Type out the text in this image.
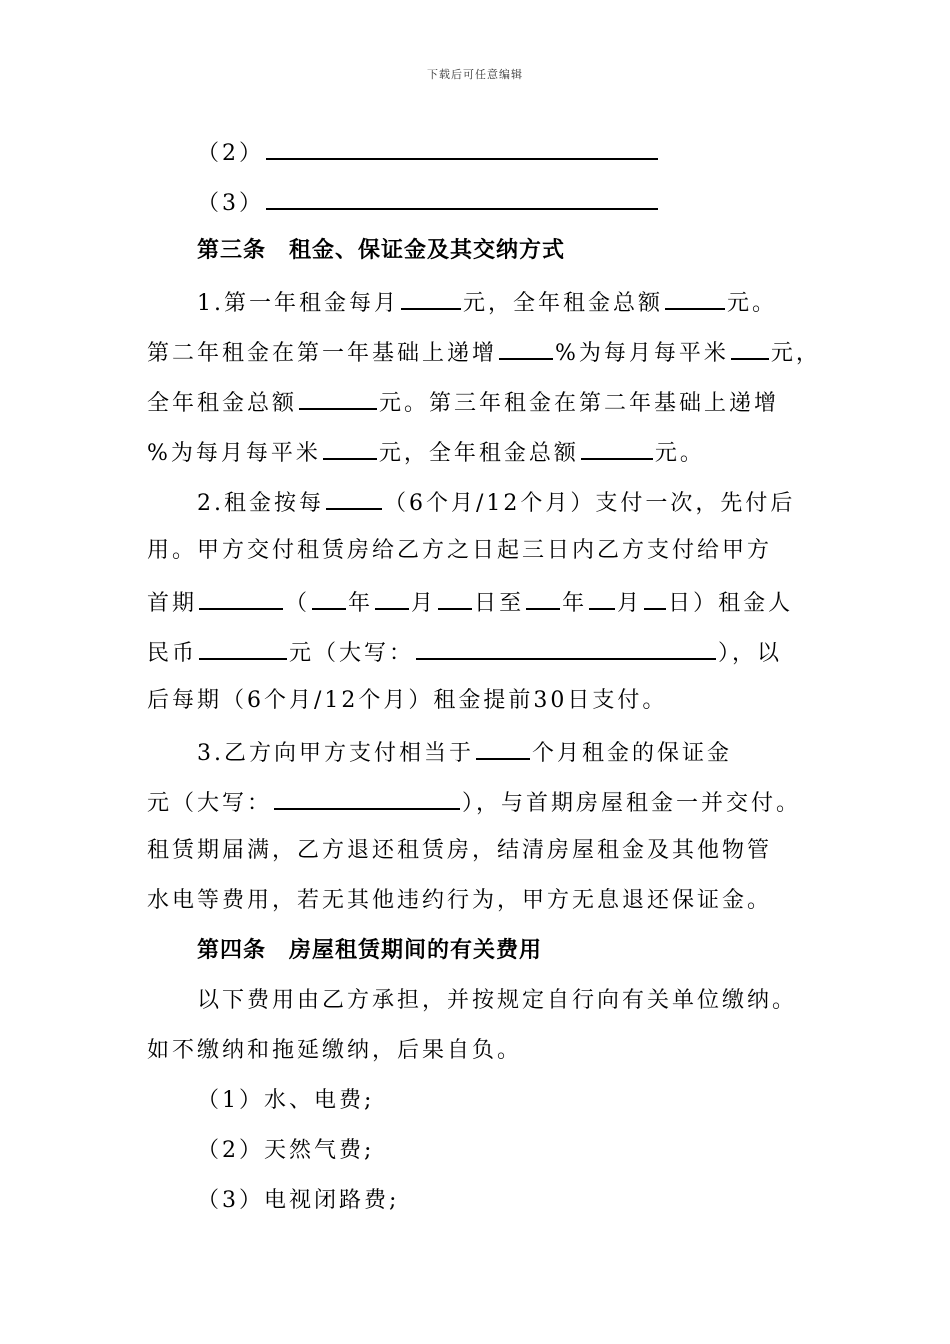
下载后可任意编辑
（2）
（3）
第三条　租金、保证金及其交纳方式
1.第一年租金每月	元，全年租金总额	元。
第二年租金在第一年基础上递增	%为每月每平米 元，
全年租金总额	元。第三年租金在第二年基础上递增
%为每月每平米	元，全年租金总额	元。
2.租金按每	（6个月/12个月）支付一次，先付后
用。甲方交付租赁房给乙方之日起三日内乙方支付给甲方
首期	（ 年 月 日至 年 月 日）租金人
民币	元（大写：	），以
后每期（6个月/12个月）租金提前30日支付。
3.乙方向甲方支付相当于	个月租金的保证金
元（大写：	），与首期房屋租金一并交付。
租赁期届满，乙方退还租赁房，结清房屋租金及其他物管
水电等费用，若无其他违约行为，甲方无息退还保证金。
第四条　房屋租赁期间的有关费用
以下费用由乙方承担，并按规定自行向有关单位缴纳。
如不缴纳和拖延缴纳，后果自负。
（1）水、电费;
（2）天然气费;
（3）电视闭路费;
